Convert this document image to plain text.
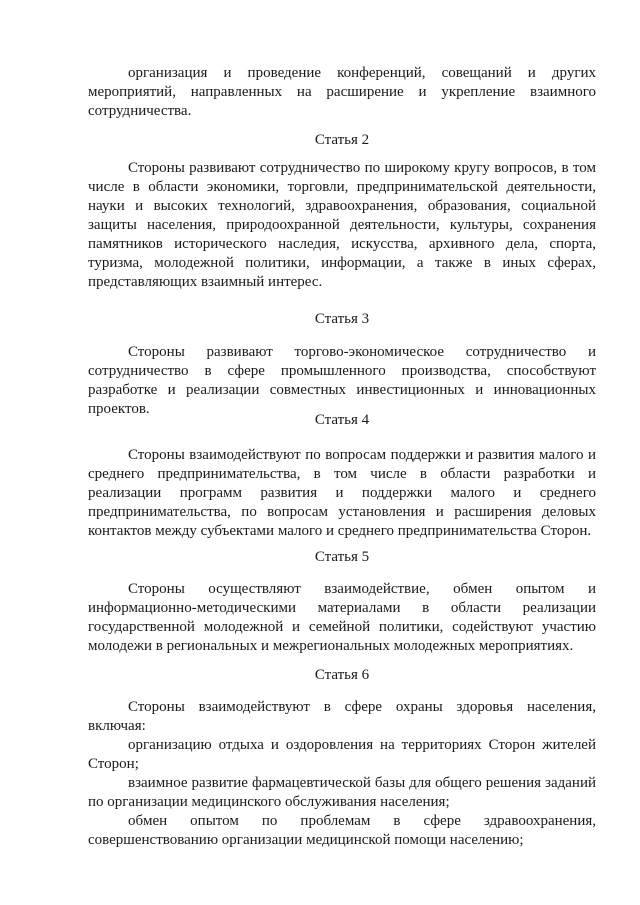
организация и проведение конференций, совещаний и других мероприятий, направленных на расширение и укрепление взаимного сотрудничества.

Статья 2

Стороны развивают сотрудничество по широкому кругу вопросов, в том числе в области экономики, торговли, предпринимательской деятельности, науки и высоких технологий, здравоохранения, образования, социальной защиты населения, природоохранной деятельности, культуры, сохранения памятников исторического наследия, искусства, архивного дела, спорта, туризма, молодежной политики, информации, а также в иных сферах, представляющих взаимный интерес.

Статья 3

Стороны развивают торгово-экономическое сотрудничество и сотрудничество в сфере промышленного производства, способствуют разработке и реализации совместных инвестиционных и инновационных проектов.

Статья 4

Стороны взаимодействуют по вопросам поддержки и развития малого и среднего предпринимательства, в том числе в области разработки и реализации программ развития и поддержки малого и среднего предпринимательства, по вопросам установления и расширения деловых контактов между субъектами малого и среднего предпринимательства Сторон.

Статья 5

Стороны осуществляют взаимодействие, обмен опытом и информационно-методическими материалами в области реализации государственной молодежной и семейной политики, содействуют участию молодежи в региональных и межрегиональных молодежных мероприятиях.

Статья 6

Стороны взаимодействуют в сфере охраны здоровья населения, включая:

организацию отдыха и оздоровления на территориях Сторон жителей Сторон;

взаимное развитие фармацевтической базы для общего решения заданий по организации медицинского обслуживания населения;

обмен опытом по проблемам в сфере здравоохранения, совершенствованию организации медицинской помощи населению;
